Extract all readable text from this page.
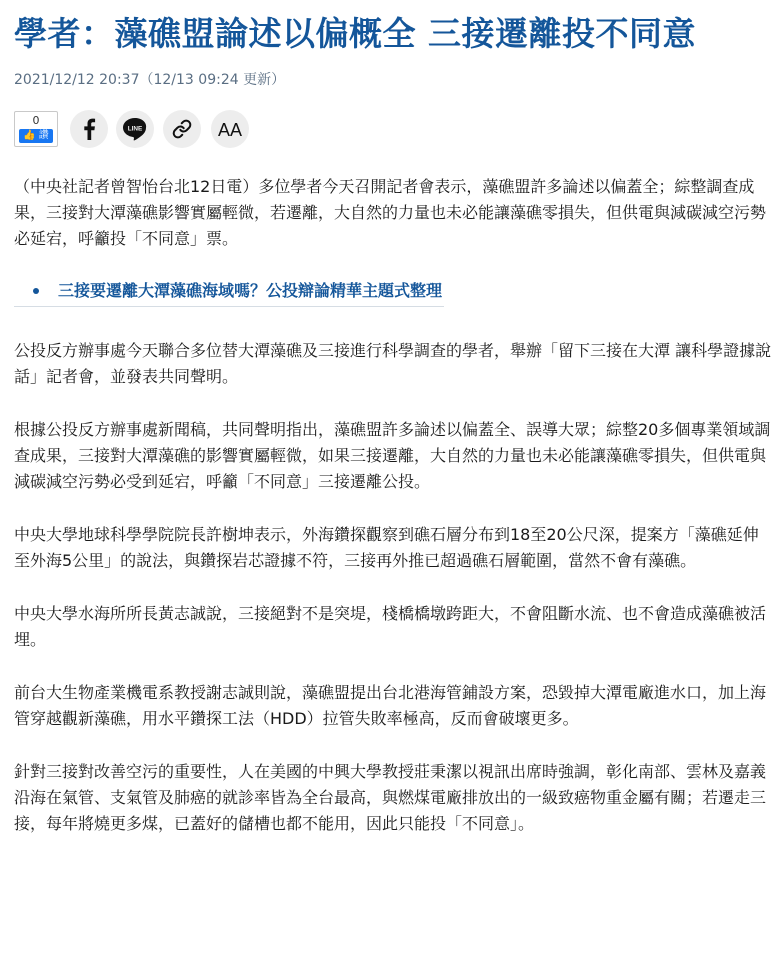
學者：藻礁盟論述以偏概全 三接遷離投不同意
2021/12/12 20:37（12/13 09:24 更新）
0
👍 讚
LINE	AA

（中央社記者曾智怡台北12日電）多位學者今天召開記者會表示，藻礁盟許多論述以偏蓋全；綜整調查成果，三接對大潭藻礁影響實屬輕微，若遷離，大自然的力量也未必能讓藻礁零損失，但供電與減碳減空污勢必延宕，呼籲投「不同意」票。

三接要遷離大潭藻礁海域嗎？公投辯論精華主題式整理

公投反方辦事處今天聯合多位替大潭藻礁及三接進行科學調查的學者，舉辦「留下三接在大潭 讓科學證據說話」記者會，並發表共同聲明。

根據公投反方辦事處新聞稿，共同聲明指出，藻礁盟許多論述以偏蓋全、誤導大眾；綜整20多個專業領域調查成果，三接對大潭藻礁的影響實屬輕微，如果三接遷離，大自然的力量也未必能讓藻礁零損失，但供電與減碳減空污勢必受到延宕，呼籲「不同意」三接遷離公投。

中央大學地球科學學院院長許樹坤表示，外海鑽探觀察到礁石層分布到18至20公尺深，提案方「藻礁延伸至外海5公里」的說法，與鑽探岩芯證據不符，三接再外推已超過礁石層範圍，當然不會有藻礁。

中央大學水海所所長黃志誠說，三接絕對不是突堤，棧橋橋墩跨距大，不會阻斷水流、也不會造成藻礁被活埋。

前台大生物產業機電系教授謝志誠則說，藻礁盟提出台北港海管鋪設方案，恐毀掉大潭電廠進水口，加上海管穿越觀新藻礁，用水平鑽探工法（HDD）拉管失敗率極高，反而會破壞更多。

針對三接對改善空污的重要性，人在美國的中興大學教授莊秉潔以視訊出席時強調，彰化南部、雲林及嘉義沿海在氣管、支氣管及肺癌的就診率皆為全台最高，與燃煤電廠排放出的一級致癌物重金屬有關；若遷走三接，每年將燒更多煤，已蓋好的儲槽也都不能用，因此只能投「不同意」。
